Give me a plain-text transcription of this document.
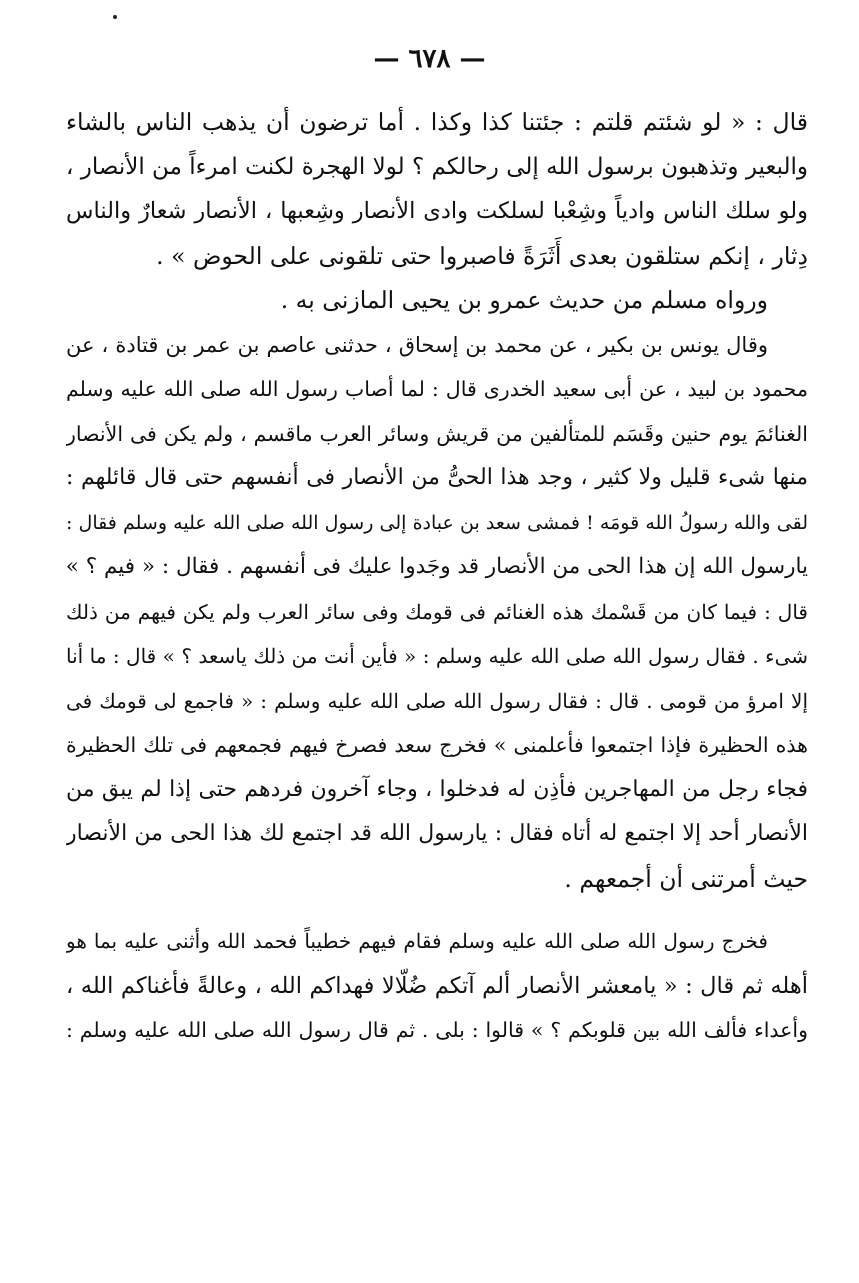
— ٦٧٨ —
قال : « لو شئتم قلتم : جئتنا كذا وكذا . أما ترضون أن يذهب الناس بالشاء
والبعير وتذهبون برسول الله إلى رحالكم ؟ لولا الهجرة لكنت امرءاً من الأنصار ،
ولو سلك الناس وادياً وشِعْبا لسلكت وادى الأنصار وشِعبها ، الأنصار شعارٌ والناس
دِثار ، إنكم ستلقون بعدى أَثَرَةً فاصبروا حتى تلقونى على الحوض » .
ورواه مسلم من حديث عمرو بن يحيى المازنى به .
وقال يونس بن بكير ، عن محمد بن إسحاق ، حدثنى عاصم بن عمر بن قتادة ، عن
محمود بن لبيد ، عن أبى سعيد الخدرى قال : لما أصاب رسول الله صلى الله عليه وسلم
الغنائمَ يوم حنين وقَسَم للمتألفين من قريش وسائر العرب ماقسم ، ولم يكن فى الأنصار
منها شىء قليل ولا كثير ، وجد هذا الحىُّ من الأنصار فى أنفسهم حتى قال قائلهم :
لقى والله رسولُ الله قومَه ! فمشى سعد بن عبادة إلى رسول الله صلى الله عليه وسلم فقال :
يارسول الله إن هذا الحى من الأنصار قد وجَدوا عليك فى أنفسهم . فقال : « فيم ؟ »
قال : فيما كان من قَسْمك هذه الغنائم فى قومك وفى سائر العرب ولم يكن فيهم من ذلك
شىء . فقال رسول الله صلى الله عليه وسلم : « فأين أنت من ذلك ياسعد ؟ » قال : ما أنا
إلا امرؤ من قومى . قال : فقال رسول الله صلى الله عليه وسلم : « فاجمع لى قومك فى
هذه الحظيرة فإذا اجتمعوا فأعلمنى » فخرج سعد فصرخ فيهم فجمعهم فى تلك الحظيرة
فجاء رجل من المهاجرين فأذِن له فدخلوا ، وجاء آخرون فردهم حتى إذا لم يبق من
الأنصار أحد إلا اجتمع له أتاه فقال : يارسول الله قد اجتمع لك هذا الحى من الأنصار
حيث أمرتنى أن أجمعهم .
فخرج رسول الله صلى الله عليه وسلم فقام فيهم خطيباً فحمد الله وأثنى عليه بما هو
أهله ثم قال : « يامعشر الأنصار ألم آتكم ضُلّالا فهداكم الله ، وعالةً فأغناكم الله ،
وأعداء فألف الله بين قلوبكم ؟ » قالوا : بلى . ثم قال رسول الله صلى الله عليه وسلم :
